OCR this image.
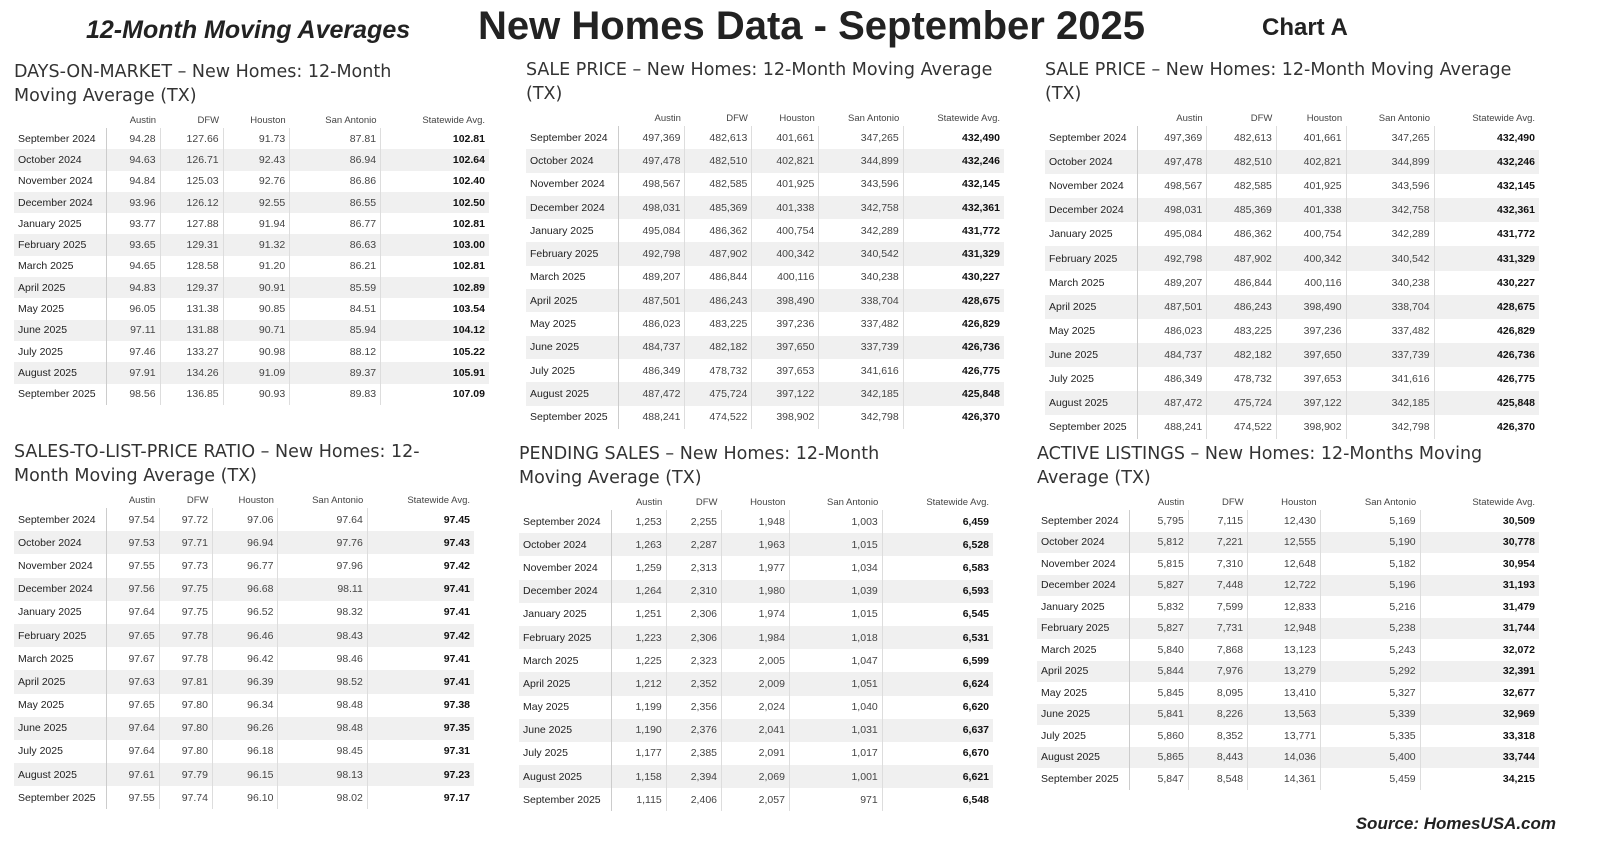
12-Month Moving Averages New Homes Data - September 2025	Chart A
DAYS-ON-MARKET – New Homes: 12-Month Moving Average (TX)
	Austin	DFW	Houston	San Antonio	Statewide Avg.
September 2024	94.28	127.66	91.73	87.81	102.81
October 2024	94.63	126.71	92.43	86.94	102.64
November 2024	94.84	125.03	92.76	86.86	102.40
December 2024	93.96	126.12	92.55	86.55	102.50
January 2025	93.77	127.88	91.94	86.77	102.81
February 2025	93.65	129.31	91.32	86.63	103.00
March 2025	94.65	128.58	91.20	86.21	102.81
April 2025	94.83	129.37	90.91	85.59	102.89
May 2025	96.05	131.38	90.85	84.51	103.54
June 2025	97.11	131.88	90.71	85.94	104.12
July 2025	97.46	133.27	90.98	88.12	105.22
August 2025	97.91	134.26	91.09	89.37	105.91
September 2025	98.56	136.85	90.93	89.83	107.09
SALE PRICE – New Homes: 12-Month Moving Average (TX)
	Austin	DFW	Houston	San Antonio	Statewide Avg.
September 2024	497,369	482,613	401,661	347,265	432,490
October 2024	497,478	482,510	402,821	344,899	432,246
November 2024	498,567	482,585	401,925	343,596	432,145
December 2024	498,031	485,369	401,338	342,758	432,361
January 2025	495,084	486,362	400,754	342,289	431,772
February 2025	492,798	487,902	400,342	340,542	431,329
March 2025	489,207	486,844	400,116	340,238	430,227
April 2025	487,501	486,243	398,490	338,704	428,675
May 2025	486,023	483,225	397,236	337,482	426,829
June 2025	484,737	482,182	397,650	337,739	426,736
July 2025	486,349	478,732	397,653	341,616	426,775
August 2025	487,472	475,724	397,122	342,185	425,848
September 2025	488,241	474,522	398,902	342,798	426,370
SALE PRICE – New Homes: 12-Month Moving Average (TX)
	Austin	DFW	Houston	San Antonio	Statewide Avg.
September 2024	497,369	482,613	401,661	347,265	432,490
October 2024	497,478	482,510	402,821	344,899	432,246
November 2024	498,567	482,585	401,925	343,596	432,145
December 2024	498,031	485,369	401,338	342,758	432,361
January 2025	495,084	486,362	400,754	342,289	431,772
February 2025	492,798	487,902	400,342	340,542	431,329
March 2025	489,207	486,844	400,116	340,238	430,227
April 2025	487,501	486,243	398,490	338,704	428,675
May 2025	486,023	483,225	397,236	337,482	426,829
June 2025	484,737	482,182	397,650	337,739	426,736
July 2025	486,349	478,732	397,653	341,616	426,775
August 2025	487,472	475,724	397,122	342,185	425,848
September 2025	488,241	474,522	398,902	342,798	426,370
SALES-TO-LIST-PRICE RATIO – New Homes: 12-Month Moving Average (TX)
	Austin	DFW	Houston	San Antonio	Statewide Avg.
September 2024	97.54	97.72	97.06	97.64	97.45
October 2024	97.53	97.71	96.94	97.76	97.43
November 2024	97.55	97.73	96.77	97.96	97.42
December 2024	97.56	97.75	96.68	98.11	97.41
January 2025	97.64	97.75	96.52	98.32	97.41
February 2025	97.65	97.78	96.46	98.43	97.42
March 2025	97.67	97.78	96.42	98.46	97.41
April 2025	97.63	97.81	96.39	98.52	97.41
May 2025	97.65	97.80	96.34	98.48	97.38
June 2025	97.64	97.80	96.26	98.48	97.35
July 2025	97.64	97.80	96.18	98.45	97.31
August 2025	97.61	97.79	96.15	98.13	97.23
September 2025	97.55	97.74	96.10	98.02	97.17
PENDING SALES – New Homes: 12-Month Moving Average (TX)
	Austin	DFW	Houston	San Antonio	Statewide Avg.
September 2024	1,253	2,255	1,948	1,003	6,459
October 2024	1,263	2,287	1,963	1,015	6,528
November 2024	1,259	2,313	1,977	1,034	6,583
December 2024	1,264	2,310	1,980	1,039	6,593
January 2025	1,251	2,306	1,974	1,015	6,545
February 2025	1,223	2,306	1,984	1,018	6,531
March 2025	1,225	2,323	2,005	1,047	6,599
April 2025	1,212	2,352	2,009	1,051	6,624
May 2025	1,199	2,356	2,024	1,040	6,620
June 2025	1,190	2,376	2,041	1,031	6,637
July 2025	1,177	2,385	2,091	1,017	6,670
August 2025	1,158	2,394	2,069	1,001	6,621
September 2025	1,115	2,406	2,057	971	6,548
ACTIVE LISTINGS – New Homes: 12-Months Moving Average (TX)
	Austin	DFW	Houston	San Antonio	Statewide Avg.
September 2024	5,795	7,115	12,430	5,169	30,509
October 2024	5,812	7,221	12,555	5,190	30,778
November 2024	5,815	7,310	12,648	5,182	30,954
December 2024	5,827	7,448	12,722	5,196	31,193
January 2025	5,832	7,599	12,833	5,216	31,479
February 2025	5,827	7,731	12,948	5,238	31,744
March 2025	5,840	7,868	13,123	5,243	32,072
April 2025	5,844	7,976	13,279	5,292	32,391
May 2025	5,845	8,095	13,410	5,327	32,677
June 2025	5,841	8,226	13,563	5,339	32,969
July 2025	5,860	8,352	13,771	5,335	33,318
August 2025	5,865	8,443	14,036	5,400	33,744
September 2025	5,847	8,548	14,361	5,459	34,215
Source: HomesUSA.com
